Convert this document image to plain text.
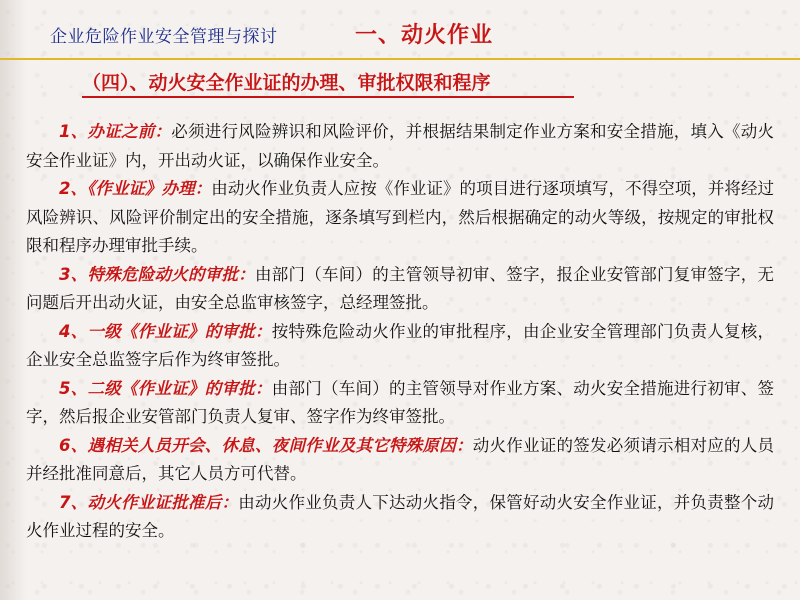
企业危险作业安全管理与探讨	一、动火作业
（四）、动火安全作业证的办理、审批权限和程序

1、办证之前：必须进行风险辨识和风险评价，并根据结果制定作业方案和安全措施，填入《动火安全作业证》内，开出动火证，以确保作业安全。

2、《作业证》办理：由动火作业负责人应按《作业证》的项目进行逐项填写，不得空项，并将经过风险辨识、风险评价制定出的安全措施，逐条填写到栏内，然后根据确定的动火等级，按规定的审批权限和程序办理审批手续。

3、特殊危险动火的审批：由部门（车间）的主管领导初审、签字，报企业安管部门复审签字，无问题后开出动火证，由安全总监审核签字，总经理签批。

4、一级《作业证》的审批：按特殊危险动火作业的审批程序，由企业安全管理部门负责人复核，企业安全总监签字后作为终审签批。

5、二级《作业证》的审批：由部门（车间）的主管领导对作业方案、动火安全措施进行初审、签字，然后报企业安管部门负责人复审、签字作为终审签批。

6、遇相关人员开会、休息、夜间作业及其它特殊原因：动火作业证的签发必须请示相对应的人员并经批准同意后，其它人员方可代替。

7、动火作业证批准后：由动火作业负责人下达动火指令，保管好动火安全作业证，并负责整个动火作业过程的安全。
